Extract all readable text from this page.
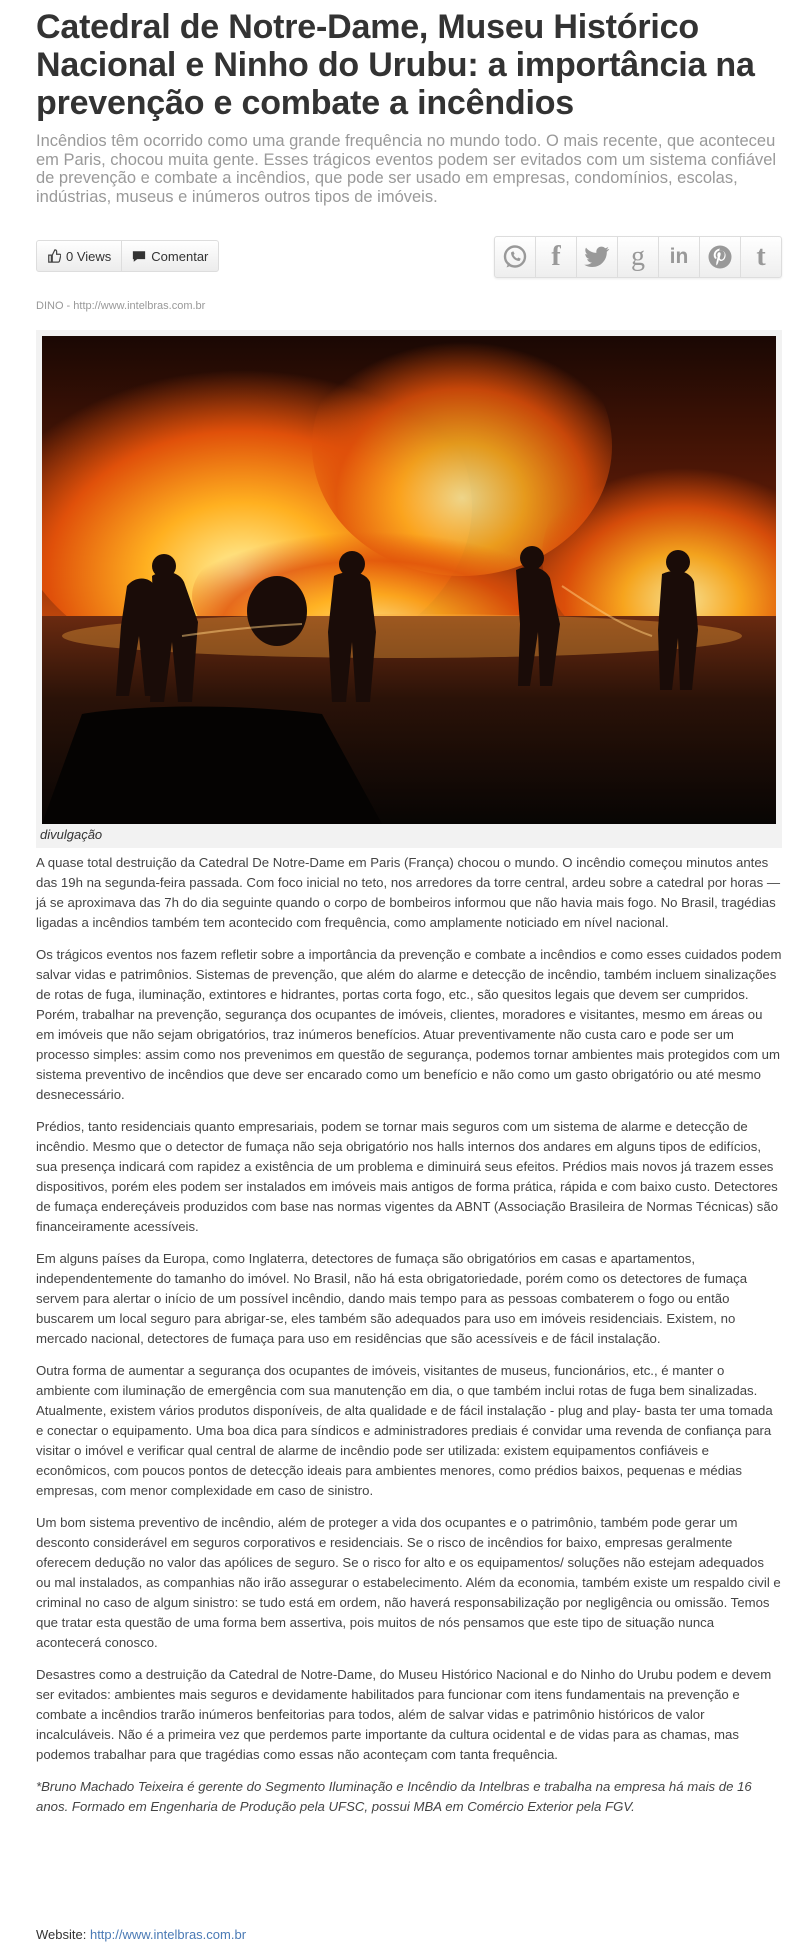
Catedral de Notre-Dame, Museu Histórico Nacional e Ninho do Urubu: a importância na prevenção e combate a incêndios

Incêndios têm ocorrido como uma grande frequência no mundo todo. O mais recente, que aconteceu em Paris, chocou muita gente. Esses trágicos eventos podem ser evitados com um sistema confiável de prevenção e combate a incêndios, que pode ser usado em empresas, condomínios, escolas, indústrias, museus e inúmeros outros tipos de imóveis.

0 Views	Comentar	f	g in t
DINO - http://www.intelbras.com.br
divulgação

A quase total destruição da Catedral De Notre-Dame em Paris (França) chocou o mundo. O incêndio começou minutos antes das 19h na segunda-feira passada. Com foco inicial no teto, nos arredores da torre central, ardeu sobre a catedral por horas — já se aproximava das 7h do dia seguinte quando o corpo de bombeiros informou que não havia mais fogo. No Brasil, tragédias ligadas a incêndios também tem acontecido com frequência, como amplamente noticiado em nível nacional.

Os trágicos eventos nos fazem refletir sobre a importância da prevenção e combate a incêndios e como esses cuidados podem salvar vidas e patrimônios. Sistemas de prevenção, que além do alarme e detecção de incêndio, também incluem sinalizações de rotas de fuga, iluminação, extintores e hidrantes, portas corta fogo, etc., são quesitos legais que devem ser cumpridos. Porém, trabalhar na prevenção, segurança dos ocupantes de imóveis, clientes, moradores e visitantes, mesmo em áreas ou em imóveis que não sejam obrigatórios, traz inúmeros benefícios. Atuar preventivamente não custa caro e pode ser um processo simples: assim como nos prevenimos em questão de segurança, podemos tornar ambientes mais protegidos com um sistema preventivo de incêndios que deve ser encarado como um benefício e não como um gasto obrigatório ou até mesmo desnecessário.

Prédios, tanto residenciais quanto empresariais, podem se tornar mais seguros com um sistema de alarme e detecção de incêndio. Mesmo que o detector de fumaça não seja obrigatório nos halls internos dos andares em alguns tipos de edifícios, sua presença indicará com rapidez a existência de um problema e diminuirá seus efeitos. Prédios mais novos já trazem esses dispositivos, porém eles podem ser instalados em imóveis mais antigos de forma prática, rápida e com baixo custo. Detectores de fumaça endereçáveis produzidos com base nas normas vigentes da ABNT (Associação Brasileira de Normas Técnicas) são financeiramente acessíveis.

Em alguns países da Europa, como Inglaterra, detectores de fumaça são obrigatórios em casas e apartamentos, independentemente do tamanho do imóvel. No Brasil, não há esta obrigatoriedade, porém como os detectores de fumaça servem para alertar o início de um possível incêndio, dando mais tempo para as pessoas combaterem o fogo ou então buscarem um local seguro para abrigar-se, eles também são adequados para uso em imóveis residenciais. Existem, no mercado nacional, detectores de fumaça para uso em residências que são acessíveis e de fácil instalação.

Outra forma de aumentar a segurança dos ocupantes de imóveis, visitantes de museus, funcionários, etc., é manter o ambiente com iluminação de emergência com sua manutenção em dia, o que também inclui rotas de fuga bem sinalizadas. Atualmente, existem vários produtos disponíveis, de alta qualidade e de fácil instalação - plug and play- basta ter uma tomada e conectar o equipamento. Uma boa dica para síndicos e administradores prediais é convidar uma revenda de confiança para visitar o imóvel e verificar qual central de alarme de incêndio pode ser utilizada: existem equipamentos confiáveis e econômicos, com poucos pontos de detecção ideais para ambientes menores, como prédios baixos, pequenas e médias empresas, com menor complexidade em caso de sinistro.

Um bom sistema preventivo de incêndio, além de proteger a vida dos ocupantes e o patrimônio, também pode gerar um desconto considerável em seguros corporativos e residenciais. Se o risco de incêndios for baixo, empresas geralmente oferecem dedução no valor das apólices de seguro. Se o risco for alto e os equipamentos/ soluções não estejam adequados ou mal instalados, as companhias não irão assegurar o estabelecimento. Além da economia, também existe um respaldo civil e criminal no caso de algum sinistro: se tudo está em ordem, não haverá responsabilização por negligência ou omissão. Temos que tratar esta questão de uma forma bem assertiva, pois muitos de nós pensamos que este tipo de situação nunca acontecerá conosco.

Desastres como a destruição da Catedral de Notre-Dame, do Museu Histórico Nacional e do Ninho do Urubu podem e devem ser evitados: ambientes mais seguros e devidamente habilitados para funcionar com itens fundamentais na prevenção e combate a incêndios trarão inúmeros benfeitorias para todos, além de salvar vidas e patrimônio históricos de valor incalculáveis. Não é a primeira vez que perdemos parte importante da cultura ocidental e de vidas para as chamas, mas podemos trabalhar para que tragédias como essas não aconteçam com tanta frequência.

*Bruno Machado Teixeira é gerente do Segmento Iluminação e Incêndio da Intelbras e trabalha na empresa há mais de 16 anos. Formado em Engenharia de Produção pela UFSC, possui MBA em Comércio Exterior pela FGV.

Website: http://www.intelbras.com.br
